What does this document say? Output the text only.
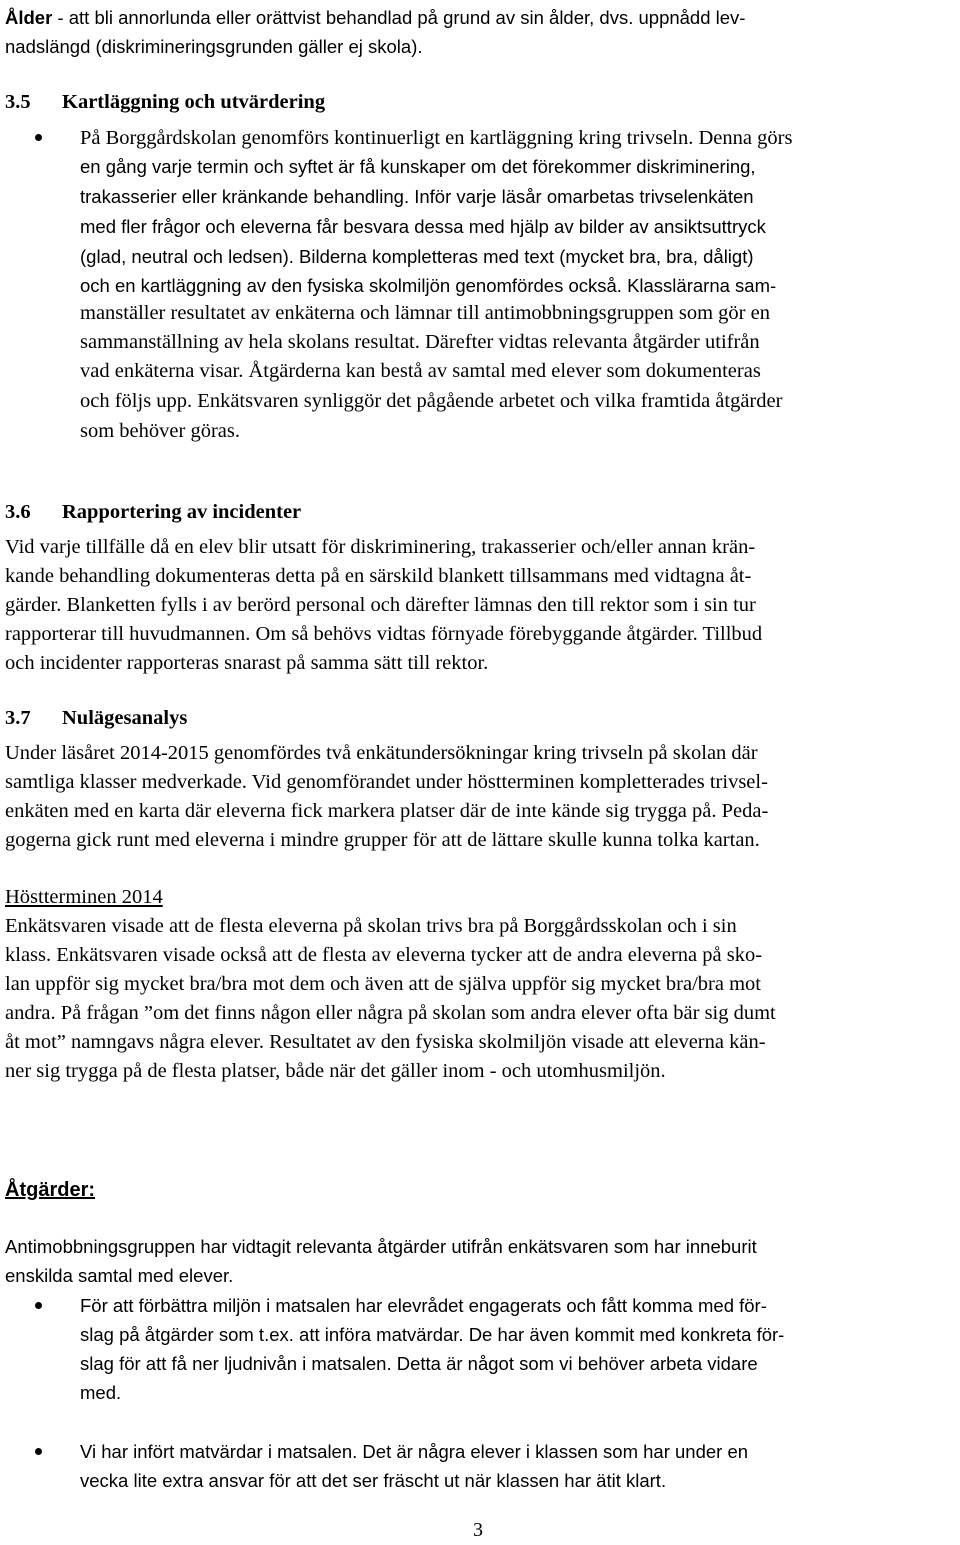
Ålder - att bli annorlunda eller orättvist behandlad på grund av sin ålder, dvs. uppnådd lev-
nadslängd (diskrimineringsgrunden gäller ej skola).
3.5 Kartläggning och utvärdering
På Borggårdskolan genomförs kontinuerligt en kartläggning kring trivseln. Denna görs
en gång varje termin och syftet är få kunskaper om det förekommer diskriminering,
trakasserier eller kränkande behandling. Inför varje läsår omarbetas trivselenkäten
med fler frågor och eleverna får besvara dessa med hjälp av bilder av ansiktsuttryck
(glad, neutral och ledsen). Bilderna kompletteras med text (mycket bra, bra, dåligt)
och en kartläggning av den fysiska skolmiljön genomfördes också. Klasslärarna sam-
manställer resultatet av enkäterna och lämnar till antimobbningsgruppen som gör en
sammanställning av hela skolans resultat. Därefter vidtas relevanta åtgärder utifrån
vad enkäterna visar. Åtgärderna kan bestå av samtal med elever som dokumenteras
och följs upp. Enkätsvaren synliggör det pågående arbetet och vilka framtida åtgärder
som behöver göras.
3.6 Rapportering av incidenter
Vid varje tillfälle då en elev blir utsatt för diskriminering, trakasserier och/eller annan krän-
kande behandling dokumenteras detta på en särskild blankett tillsammans med vidtagna åt-
gärder. Blanketten fylls i av berörd personal och därefter lämnas den till rektor som i sin tur
rapporterar till huvudmannen. Om så behövs vidtas förnyade förebyggande åtgärder. Tillbud
och incidenter rapporteras snarast på samma sätt till rektor.
3.7 Nulägesanalys
Under läsåret 2014-2015 genomfördes två enkätundersökningar kring trivseln på skolan där
samtliga klasser medverkade. Vid genomförandet under höstterminen kompletterades trivsel-
enkäten med en karta där eleverna fick markera platser där de inte kände sig trygga på. Peda-
gogerna gick runt med eleverna i mindre grupper för att de lättare skulle kunna tolka kartan.
Höstterminen 2014
Enkätsvaren visade att de flesta eleverna på skolan trivs bra på Borggårdsskolan och i sin
klass. Enkätsvaren visade också att de flesta av eleverna tycker att de andra eleverna på sko-
lan uppför sig mycket bra/bra mot dem och även att de själva uppför sig mycket bra/bra mot
andra. På frågan ”om det finns någon eller några på skolan som andra elever ofta bär sig dumt
åt mot” namngavs några elever. Resultatet av den fysiska skolmiljön visade att eleverna kän-
ner sig trygga på de flesta platser, både när det gäller inom - och utomhusmiljön.
Åtgärder:
Antimobbningsgruppen har vidtagit relevanta åtgärder utifrån enkätsvaren som har inneburit
enskilda samtal med elever.
För att förbättra miljön i matsalen har elevrådet engagerats och fått komma med för-
slag på åtgärder som t.ex. att införa matvärdar. De har även kommit med konkreta för-
slag för att få ner ljudnivån i matsalen. Detta är något som vi behöver arbeta vidare
med.
Vi har infört matvärdar i matsalen. Det är några elever i klassen som har under en
vecka lite extra ansvar för att det ser fräscht ut när klassen har ätit klart.
3
